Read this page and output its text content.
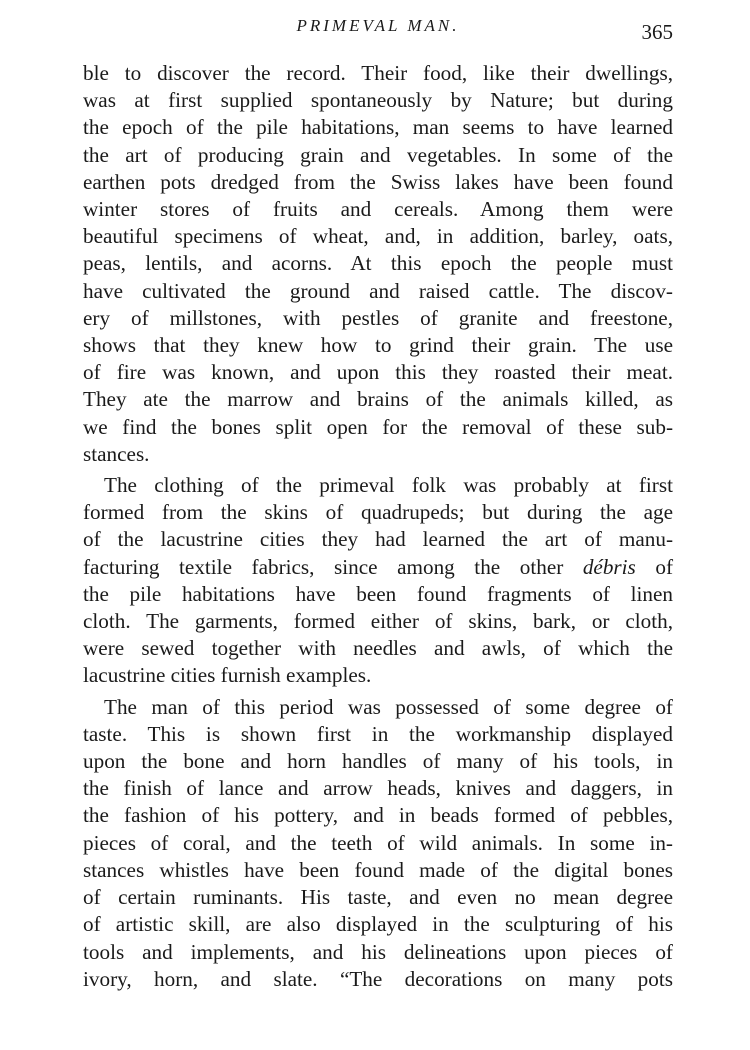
PRIMEVAL MAN.	365
ble to discover the record. Their food, like their dwellings,
was at first supplied spontaneously by Nature; but during
the epoch of the pile habitations, man seems to have learned
the art of producing grain and vegetables. In some of the
earthen pots dredged from the Swiss lakes have been found
winter stores of fruits and cereals. Among them were
beautiful specimens of wheat, and, in addition, barley, oats,
peas, lentils, and acorns. At this epoch the people must
have cultivated the ground and raised cattle. The discov-
ery of millstones, with pestles of granite and freestone,
shows that they knew how to grind their grain. The use
of fire was known, and upon this they roasted their meat.
They ate the marrow and brains of the animals killed, as
we find the bones split open for the removal of these sub-
stances.
The clothing of the primeval folk was probably at first
formed from the skins of quadrupeds; but during the age
of the lacustrine cities they had learned the art of manu-
facturing textile fabrics, since among the other débris of
the pile habitations have been found fragments of linen
cloth. The garments, formed either of skins, bark, or cloth,
were sewed together with needles and awls, of which the
lacustrine cities furnish examples.
The man of this period was possessed of some degree of
taste. This is shown first in the workmanship displayed
upon the bone and horn handles of many of his tools, in
the finish of lance and arrow heads, knives and daggers, in
the fashion of his pottery, and in beads formed of pebbles,
pieces of coral, and the teeth of wild animals. In some in-
stances whistles have been found made of the digital bones
of certain ruminants. His taste, and even no mean degree
of artistic skill, are also displayed in the sculpturing of his
tools and implements, and his delineations upon pieces of
ivory, horn, and slate. “The decorations on many pots
